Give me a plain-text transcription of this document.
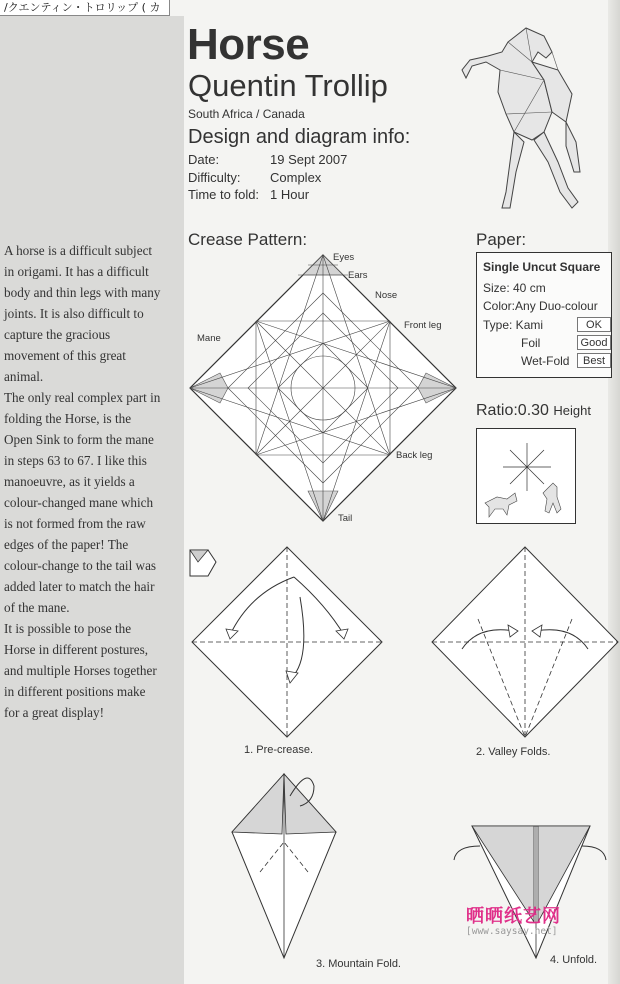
/クエンティン・トロリップ ( カ
A horse is a difficult subject
in origami. It has a difficult
body and thin legs with many
joints. It is also difficult to
capture the gracious
movement of this great
animal.
The only real complex part in
folding the Horse, is the
Open Sink to form the mane
in steps 63 to 67. I like this
manoeuvre, as it yields a
colour-changed mane which
is not formed from the raw
edges of the paper! The
colour-change to the tail was
added later to match the hair
of the mane.
It is possible to pose the
Horse in different postures,
and multiple Horses together
in different positions make
for a great display!
Horse
Quentin Trollip
South Africa / Canada
Design and diagram info:
Date:	19 Sept 2007
Difficulty: Complex
Time to fold: 1 Hour
Crease Pattern:
Eyes
Ears
Nose
Mane
Front leg
Back leg
Tail
Paper:
Single Uncut Square
Size: 40 cm
Color:Any Duo-colour
Type: Kami	OK
Foil	Good
Wet-Fold	Best
Ratio:0.30 Height
1. Pre-crease.	2. Valley Folds.
3. Mountain Fold.	4. Unfold.
晒晒纸艺网
[www.saysay.net]
